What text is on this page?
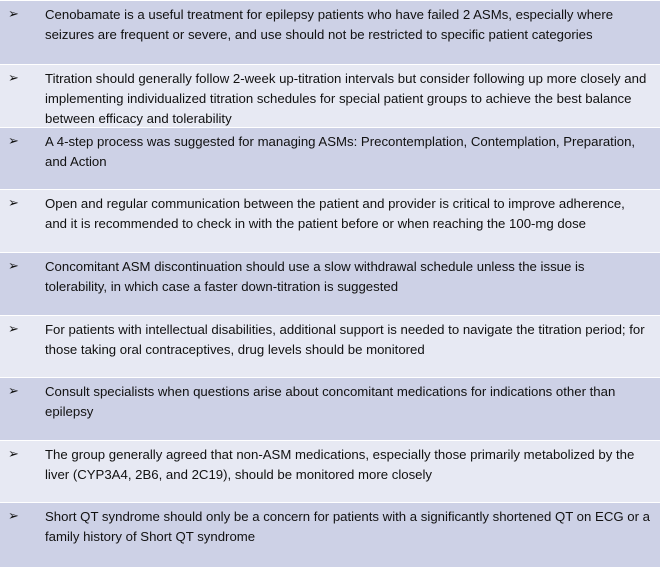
➢ Cenobamate is a useful treatment for epilepsy patients who have failed 2 ASMs, especially where seizures are frequent or severe, and use should not be restricted to specific patient categories
➢ Titration should generally follow 2-week up-titration intervals but consider following up more closely and implementing individualized titration schedules for special patient groups to achieve the best balance between efficacy and tolerability
➢ A 4-step process was suggested for managing ASMs: Precontemplation, Contemplation, Preparation, and Action
➢ Open and regular communication between the patient and provider is critical to improve adherence, and it is recommended to check in with the patient before or when reaching the 100-mg dose
➢ Concomitant ASM discontinuation should use a slow withdrawal schedule unless the issue is tolerability, in which case a faster down-titration is suggested
➢ For patients with intellectual disabilities, additional support is needed to navigate the titration period; for those taking oral contraceptives, drug levels should be monitored
➢ Consult specialists when questions arise about concomitant medications for indications other than epilepsy
➢ The group generally agreed that non-ASM medications, especially those primarily metabolized by the liver (CYP3A4, 2B6, and 2C19), should be monitored more closely
➢ Short QT syndrome should only be a concern for patients with a significantly shortened QT on ECG or a family history of Short QT syndrome
